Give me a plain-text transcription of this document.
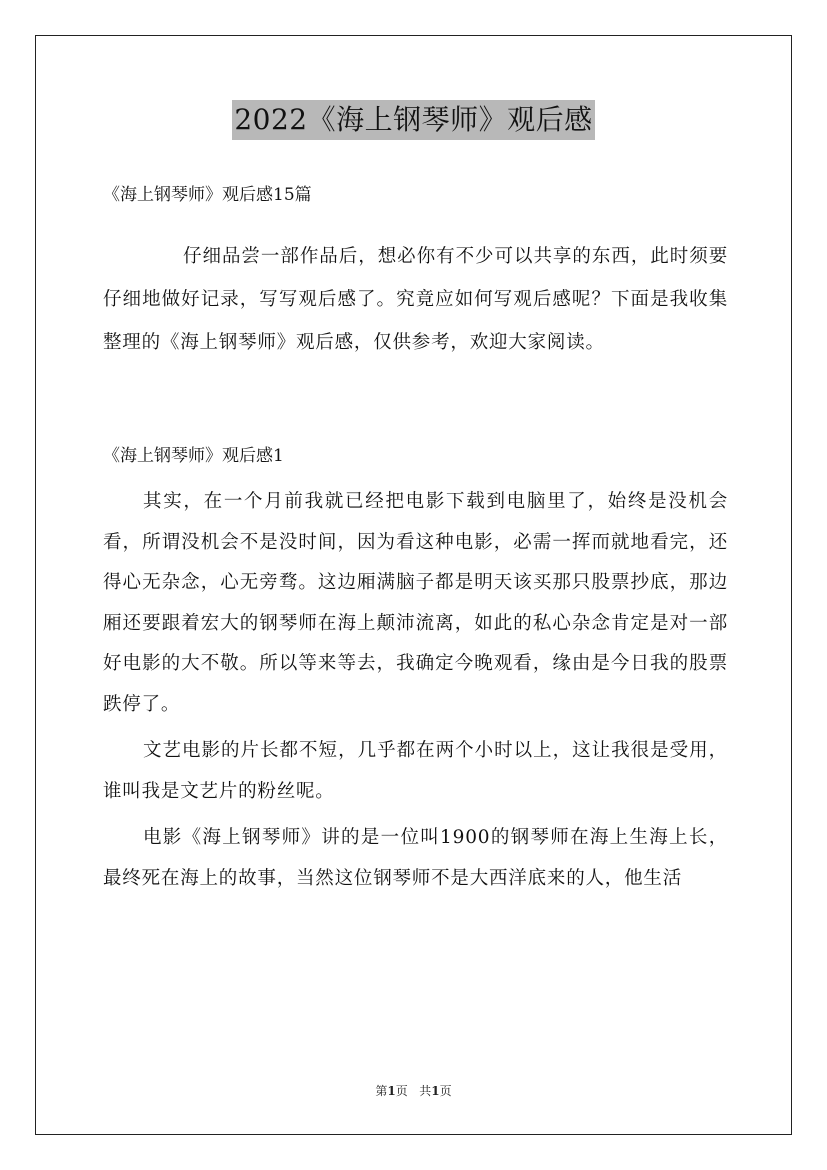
2022《海上钢琴师》观后感

《海上钢琴师》观后感15篇

仔细品尝一部作品后，想必你有不少可以共享的东西，此时须要仔细地做好记录，写写观后感了。究竟应如何写观后感呢？下面是我收集整理的《海上钢琴师》观后感，仅供参考，欢迎大家阅读。

《海上钢琴师》观后感1

其实，在一个月前我就已经把电影下载到电脑里了，始终是没机会看，所谓没机会不是没时间，因为看这种电影，必需一挥而就地看完，还得心无杂念，心无旁骛。这边厢满脑子都是明天该买那只股票抄底，那边厢还要跟着宏大的钢琴师在海上颠沛流离，如此的私心杂念肯定是对一部好电影的大不敬。所以等来等去，我确定今晚观看，缘由是今日我的股票跌停了。

文艺电影的片长都不短，几乎都在两个小时以上，这让我很是受用，谁叫我是文艺片的粉丝呢。

电影《海上钢琴师》讲的是一位叫1900的钢琴师在海上生海上长，最终死在海上的故事，当然这位钢琴师不是大西洋底来的人，他生活

第1页 共1页
